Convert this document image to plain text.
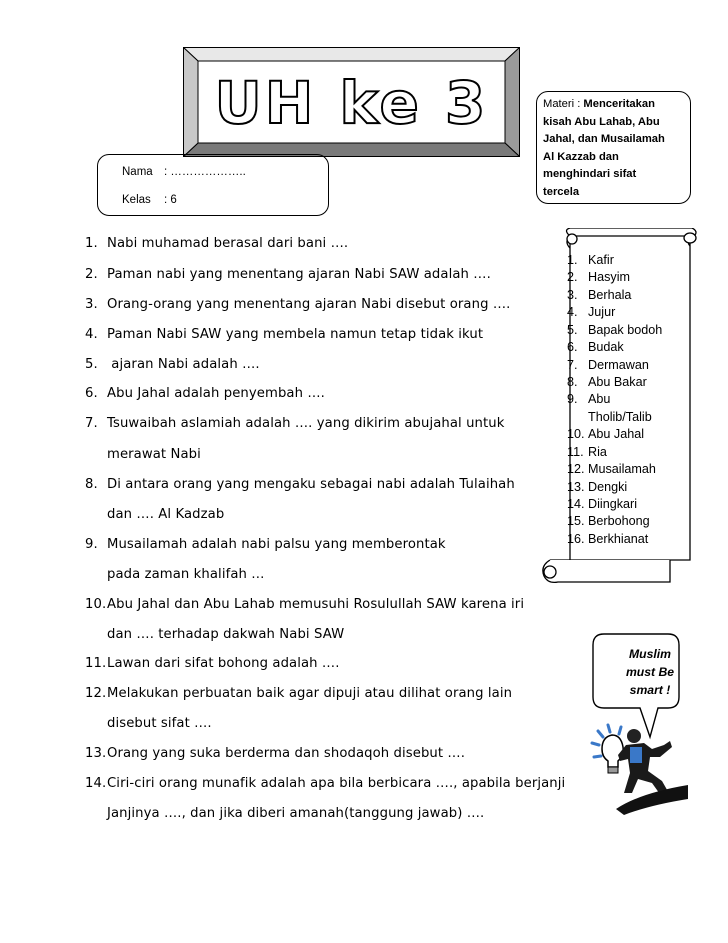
UH ke 3	Materi : Menceritakan
kisah Abu Lahab, Abu
Jahal, dan Musailamah
Al Kazzab dan
menghindari sifat
tercela
Nama : ………………..
Kelas : 6
1. Nabi muhamad berasal dari bani ….
2. Paman nabi yang menentang ajaran Nabi SAW adalah ….
3. Orang-orang yang menentang ajaran Nabi disebut orang ….
4. Paman Nabi SAW yang membela namun tetap tidak ikut
5. ajaran Nabi adalah ….
6. Abu Jahal adalah penyembah ….
7. Tsuwaibah aslamiah adalah …. yang dikirim abujahal untuk
merawat Nabi
8. Di antara orang yang mengaku sebagai nabi adalah Tulaihah
dan …. Al Kadzab
9. Musailamah adalah nabi palsu yang memberontak
pada zaman khalifah …
10.Abu Jahal dan Abu Lahab memusuhi Rosulullah SAW karena iri
dan …. terhadap dakwah Nabi SAW
11.Lawan dari sifat bohong adalah ….
12.Melakukan perbuatan baik agar dipuji atau dilihat orang lain
disebut sifat ….
13.Orang yang suka berderma dan shodaqoh disebut ….
14.Ciri-ciri orang munafik adalah apa bila berbicara …., apabila berjanji
Janjinya …., dan jika diberi amanah(tanggung jawab) ….
1. Kafir
2. Hasyim
3. Berhala
4. Jujur
5. Bapak bodoh
6. Budak
7. Dermawan
8. Abu Bakar
9. Abu
Tholib/Talib
10. Abu Jahal
11. Ria
12. Musailamah
13. Dengki
14. Diingkari
15. Berbohong
16. Berkhianat
Muslim
must Be
smart !
